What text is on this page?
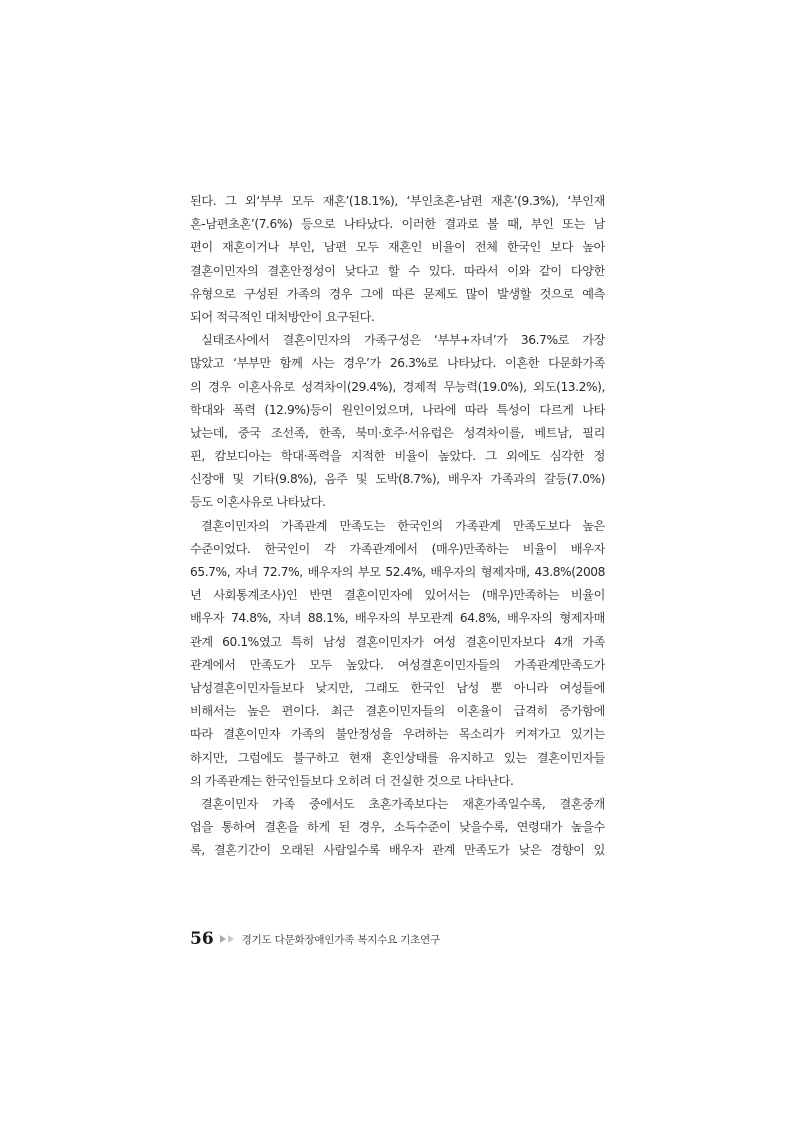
된다. 그 외‘부부 모두 재혼’(18.1%), ‘부인초혼-남편 재혼’(9.3%), ‘부인재
혼-남편초혼’(7.6%) 등으로 나타났다. 이러한 결과로 볼 때, 부인 또는 남
편이 재혼이거나 부인, 남편 모두 재혼인 비율이 전체 한국인 보다 높아
결혼이민자의 결혼안정성이 낮다고 할 수 있다. 따라서 이와 같이 다양한
유형으로 구성된 가족의 경우 그에 따른 문제도 많이 발생할 것으로 예측
되어 적극적인 대처방안이 요구된다.
실태조사에서 결혼이민자의 가족구성은 ‘부부+자녀’가 36.7%로 가장
많았고 ‘부부만 함께 사는 경우’가 26.3%로 나타났다. 이혼한 다문화가족
의 경우 이혼사유로 성격차이(29.4%), 경제적 무능력(19.0%), 외도(13.2%),
학대와 폭력 (12.9%)등이 원인이었으며, 나라에 따라 특성이 다르게 나타
났는데, 중국 조선족, 한족, 북미·호주·서유럽은 성격차이를, 베트남, 필리
핀, 캄보디아는 학대·폭력을 지적한 비율이 높았다. 그 외에도 심각한 정
신장애 및 기타(9.8%), 음주 및 도박(8.7%), 배우자 가족과의 갈등(7.0%)
등도 이혼사유로 나타났다.
결혼이민자의 가족관계 만족도는 한국인의 가족관계 만족도보다 높은
수준이었다. 한국인이 각 가족관계에서 (매우)만족하는 비율이 배우자
65.7%, 자녀 72.7%, 배우자의 부모 52.4%, 배우자의 형제자매, 43.8%(2008
년 사회통계조사)인 반면 결혼이민자에 있어서는 (매우)만족하는 비율이
배우자 74.8%, 자녀 88.1%, 배우자의 부모관계 64.8%, 배우자의 형제자매
관계 60.1%였고 특히 남성 결혼이민자가 여성 결혼이민자보다 4개 가족
관계에서 만족도가 모두 높았다. 여성결혼이민자들의 가족관계만족도가
남성결혼이민자들보다 낮지만, 그래도 한국인 남성 뿐 아니라 여성들에
비해서는 높은 편이다. 최근 결혼이민자들의 이혼율이 급격히 증가함에
따라 결혼이민자 가족의 불안정성을 우려하는 목소리가 커져가고 있기는
하지만, 그럼에도 불구하고 현재 혼인상태를 유지하고 있는 결혼이민자들
의 가족관계는 한국인들보다 오히려 더 건실한 것으로 나타난다.
결혼이민자 가족 중에서도 초혼가족보다는 재혼가족일수록, 결혼중개
업을 통하여 결혼을 하게 된 경우, 소득수준이 낮을수록, 연령대가 높을수
록, 결혼기간이 오래된 사람일수록 배우자 관계 만족도가 낮은 경향이 있
56	경기도 다문화장애인가족 복지수요 기초연구
